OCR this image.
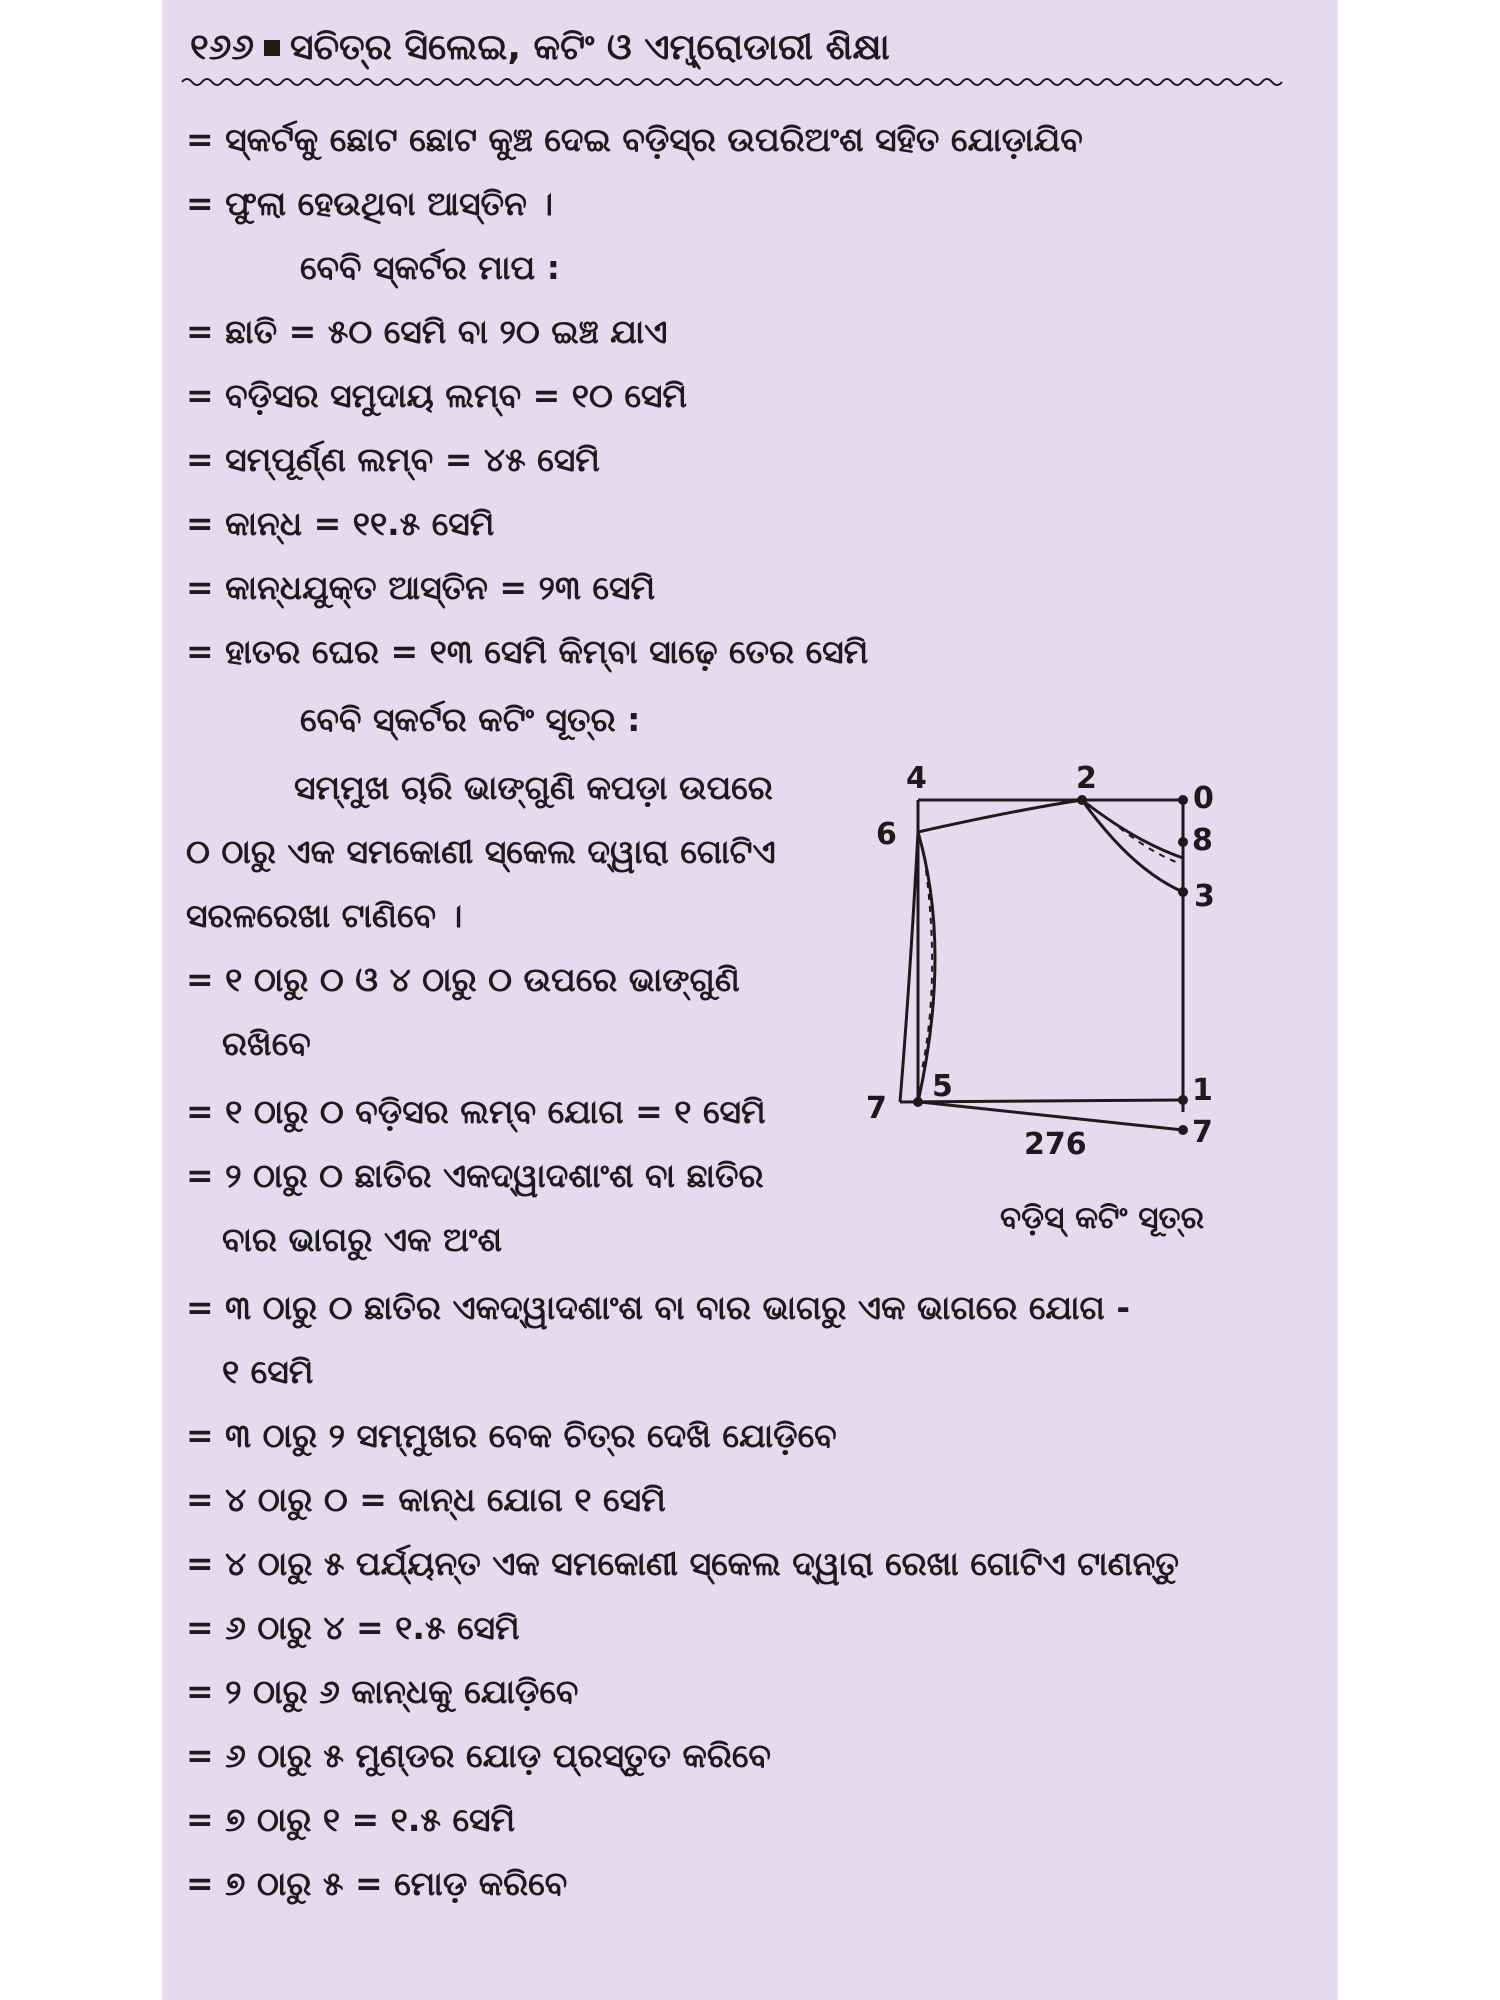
୧୬୬ ସଚିତ୍ର ସିଲେଇ, କଟିଂ ଓ ଏମ୍ବ୍ରୋଡାରୀ ଶିକ୍ଷା
= ସ୍କର୍ଟକୁ ଛୋଟ ଛୋଟ କୁଞ୍ଚ ଦେଇ ବଡ଼ିସ୍‌ର ଉପରିଅଂଶ ସହିତ ଯୋଡ଼ାଯିବ
= ଫୁଲା ହେଉଥିବା ଆସ୍ତିନ ।
ବେବି ସ୍କର୍ଟର ମାପ :
= ଛାତି = ୫୦ ସେମି ବା ୨୦ ଇଞ୍ଚ ଯାଏ
= ବଡ଼ିସର ସମୁଦାୟ ଲମ୍ବ = ୧୦ ସେମି
= ସମ୍ପୂର୍ଣ୍ଣ ଲମ୍ବ = ୪୫ ସେମି
= କାନ୍ଧ = ୧୧.୫ ସେମି
= କାନ୍ଧଯୁକ୍ତ ଆସ୍ତିନ = ୨୩ ସେମି
= ହାତର ଘେର = ୧୩ ସେମି କିମ୍ବା ସାଢ଼େ ତେର ସେମି
ବେବି ସ୍କର୍ଟର କଟିଂ ସୂତ୍ର :
ସମ୍ମୁଖ ଚାରି ଭାଙ୍ଗୁଣି କପଡ଼ା ଉପରେ
୦ ଠାରୁ ଏକ ସମକୋଣୀ ସ୍କେଲ ଦ୍ୱାରା ଗୋଟିଏ
ସରଳରେଖା ଟାଣିବେ ।
= ୧ ଠାରୁ ୦ ଓ ୪ ଠାରୁ ୦ ଉପରେ ଭାଙ୍ଗୁଣି
ରଖିବେ
= ୧ ଠାରୁ ୦ ବଡ଼ିସର ଲମ୍ବ ଯୋଗ = ୧ ସେମି
= ୨ ଠାରୁ ୦ ଛାତିର ଏକଦ୍ୱାଦଶାଂଶ ବା ଛାତିର
ବାର ଭାଗରୁ ଏକ ଅଂଶ
= ୩ ଠାରୁ ୦ ଛାତିର ଏକଦ୍ୱାଦଶାଂଶ ବା ବାର ଭାଗରୁ ଏକ ଭାଗରେ ଯୋଗ -
୧ ସେମି
= ୩ ଠାରୁ ୨ ସମ୍ମୁଖର ବେକ ଚିତ୍ର ଦେଖି ଯୋଡ଼ିବେ
= ୪ ଠାରୁ ୦ = କାନ୍ଧ ଯୋଗ ୧ ସେମି
= ୪ ଠାରୁ ୫ ପର୍ଯ୍ୟନ୍ତ ଏକ ସମକୋଣୀ ସ୍କେଲ ଦ୍ୱାରା ରେଖା ଗୋଟିଏ ଟାଣନ୍ତୁ
= ୬ ଠାରୁ ୪ = ୧.୫ ସେମି
= ୨ ଠାରୁ ୬ କାନ୍ଧକୁ ଯୋଡ଼ିବେ
= ୬ ଠାରୁ ୫ ମୁଣ୍ଡର ଯୋଡ଼ ପ୍ରସ୍ତୁତ କରିବେ
= ୭ ଠାରୁ ୧ = ୧.୫ ସେମି
= ୭ ଠାରୁ ୫ = ମୋଡ଼ କରିବେ
4	2
0
6	8
3
5	1
7
7
276
ବଡ଼ିସ୍ କଟିଂ ସୂତ୍ର
